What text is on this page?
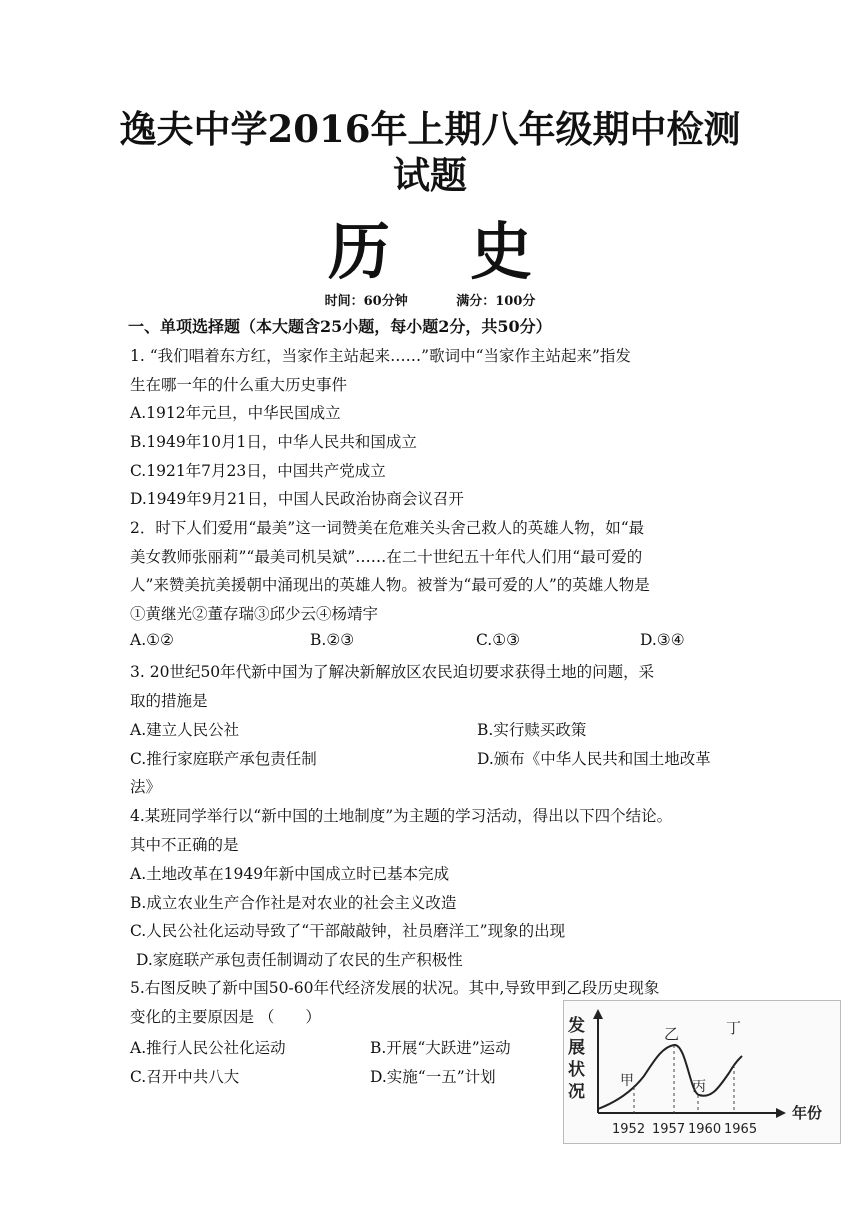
逸夫中学2016年上期八年级期中检测
试题
历史
时间：60分钟	满分：100分
一、单项选择题（本大题含25小题，每小题2分，共50分）
1. “我们唱着东方红，当家作主站起来……”歌词中“当家作主站起来”指发
生在哪一年的什么重大历史事件
A.1912年元旦，中华民国成立
B.1949年10月1日，中华人民共和国成立
C.1921年7月23日，中国共产党成立
D.1949年9月21日，中国人民政治协商会议召开
2．时下人们爱用“最美”这一词赞美在危难关头舍己救人的英雄人物，如“最
美女教师张丽莉”“最美司机吴斌”……在二十世纪五十年代人们用“最可爱的
人”来赞美抗美援朝中涌现出的英雄人物。被誉为“最可爱的人”的英雄人物是
①黄继光②董存瑞③邱少云④杨靖宇
A.①②	B.②③	C.①③	D.③④
3. 20世纪50年代新中国为了解决新解放区农民迫切要求获得土地的问题，采
取的措施是
A.建立人民公社	B.实行赎买政策
C.推行家庭联产承包责任制	D.颁布《中华人民共和国土地改革
法》
4.某班同学举行以“新中国的土地制度”为主题的学习活动，得出以下四个结论。
其中不正确的是
A.土地改革在1949年新中国成立时已基本完成
B.成立农业生产合作社是对农业的社会主义改造
C.人民公社化运动导致了“干部敲敲钟，社员磨洋工”现象的出现
D.家庭联产承包责任制调动了农民的生产积极性
5.右图反映了新中国50-60年代经济发展的状况。其中,导致甲到乙段历史现象
变化的主要原因是 （　　）
A.推行人民公社化运动	B.开展“大跃进”运动
C.召开中共八大	D.实施“一五”计划
发 展 状 况
甲
乙
丙
丁
年份
1952 1957 1960 1965
